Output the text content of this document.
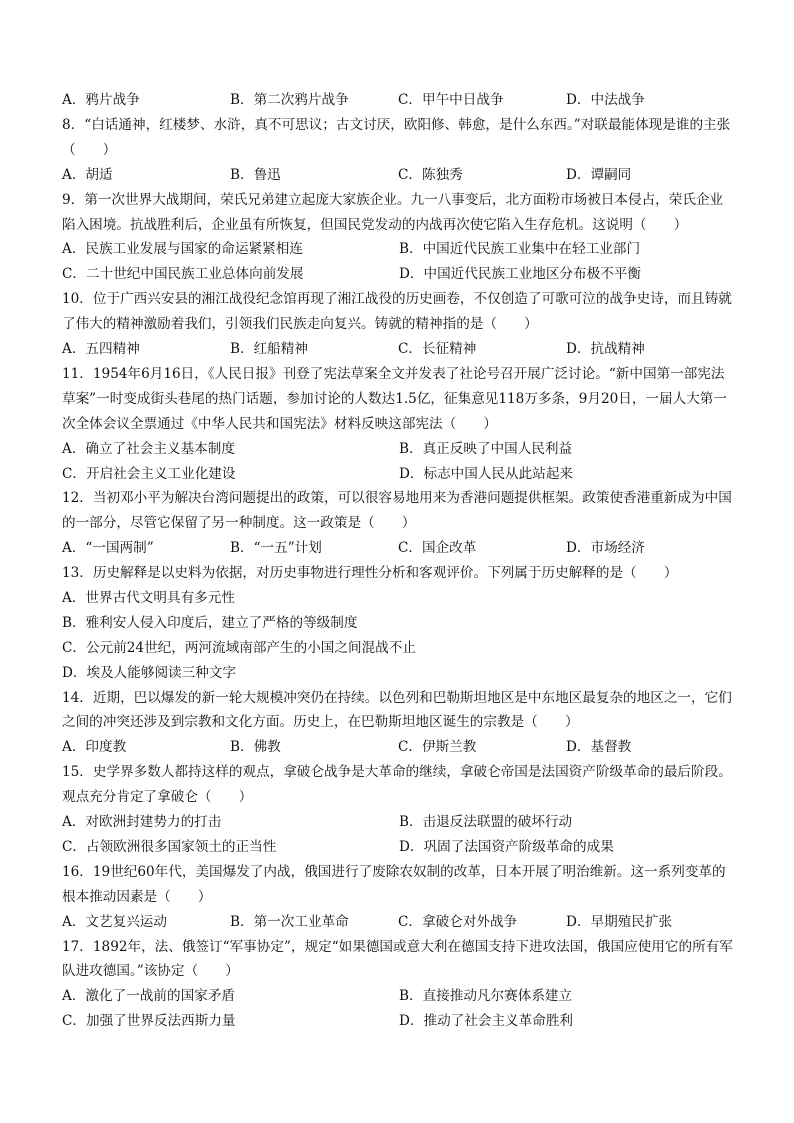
A．鸦片战争	B．第二次鸦片战争	C．甲午中日战争	D．中法战争

8．“白话通神，红楼梦、水浒，真不可思议；古文讨厌，欧阳修、韩愈，是什么东西。”对联最能体现是谁的主张（　　）

A．胡适	B．鲁迅	C．陈独秀	D．谭嗣同

9．第一次世界大战期间，荣氏兄弟建立起庞大家族企业。九一八事变后，北方面粉市场被日本侵占，荣氏企业陷入困境。抗战胜利后，企业虽有所恢复，但国民党发动的内战再次使它陷入生存危机。这说明（　　）

A．民族工业发展与国家的命运紧紧相连	B．中国近代民族工业集中在轻工业部门
C．二十世纪中国民族工业总体向前发展	D．中国近代民族工业地区分布极不平衡

10．位于广西兴安县的湘江战役纪念馆再现了湘江战役的历史画卷，不仅创造了可歌可泣的战争史诗，而且铸就了伟大的精神激励着我们，引领我们民族走向复兴。铸就的精神指的是（　　）

A．五四精神	B．红船精神	C．长征精神	D．抗战精神

11．1954年6月16日，《人民日报》刊登了宪法草案全文并发表了社论号召开展广泛讨论。“新中国第一部宪法草案”一时变成街头巷尾的热门话题，参加讨论的人数达1.5亿，征集意见118万多条，9月20日，一届人大第一次全体会议全票通过《中华人民共和国宪法》材料反映这部宪法（　　）

A．确立了社会主义基本制度	B．真正反映了中国人民利益
C．开启社会主义工业化建设	D．标志中国人民从此站起来

12．当初邓小平为解决台湾问题提出的政策，可以很容易地用来为香港问题提供框架。政策使香港重新成为中国的一部分，尽管它保留了另一种制度。这一政策是（　　）

A．“一国两制”	B．“一五”计划	C．国企改革	D．市场经济

13．历史解释是以史料为依据，对历史事物进行理性分析和客观评价。下列属于历史解释的是（　　）

A．世界古代文明具有多元性
B．雅利安人侵入印度后，建立了严格的等级制度
C．公元前24世纪，两河流域南部产生的小国之间混战不止
D．埃及人能够阅读三种文字

14．近期，巴以爆发的新一轮大规模冲突仍在持续。以色列和巴勒斯坦地区是中东地区最复杂的地区之一，它们之间的冲突还涉及到宗教和文化方面。历史上，在巴勒斯坦地区诞生的宗教是（　　）

A．印度教	B．佛教	C．伊斯兰教	D．基督教

15．史学界多数人都持这样的观点，拿破仑战争是大革命的继续，拿破仑帝国是法国资产阶级革命的最后阶段。观点充分肯定了拿破仑（　　）

A．对欧洲封建势力的打击	B．击退反法联盟的破坏行动
C．占领欧洲很多国家领土的正当性	D．巩固了法国资产阶级革命的成果

16．19世纪60年代，美国爆发了内战，俄国进行了废除农奴制的改革，日本开展了明治维新。这一系列变革的根本推动因素是（　　）

A．文艺复兴运动	B．第一次工业革命	C．拿破仑对外战争	D．早期殖民扩张

17．1892年，法、俄签订“军事协定”，规定“如果德国或意大利在德国支持下进攻法国，俄国应使用它的所有军队进攻德国。”该协定（　　）

A．激化了一战前的国家矛盾	B．直接推动凡尔赛体系建立
C．加强了世界反法西斯力量	D．推动了社会主义革命胜利
